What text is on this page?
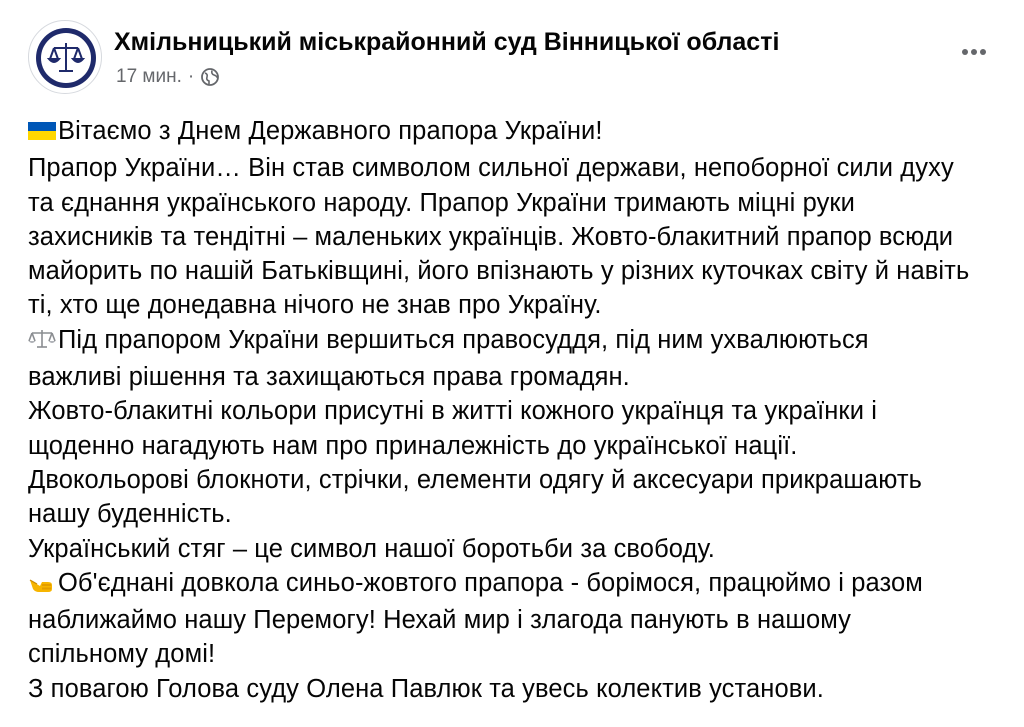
Хмільницький міськрайонний суд Вінницької області
17 мин. ·
Вітаємо з Днем Державного прапора України!
Прапор України… Він став символом сильної держави, непоборної сили духу
та єднання українського народу. Прапор України тримають міцні руки
захисників та тендітні – маленьких українців. Жовто-блакитний прапор всюди
майорить по нашій Батьківщині, його впізнають у різних куточках світу й навіть
ті, хто ще донедавна нічого не знав про Україну.
Під прапором України вершиться правосуддя, під ним ухвалюються
важливі рішення та захищаються права громадян.
Жовто-блакитні кольори присутні в житті кожного українця та українки і
щоденно нагадують нам про приналежність до української нації.
Двокольорові блокноти, стрічки, елементи одягу й аксесуари прикрашають
нашу буденність.
Український стяг – це символ нашої боротьби за свободу.
Об'єднані довкола синьо-жовтого прапора - борімося, працюймо і разом
наближаймо нашу Перемогу! Нехай мир і злагода панують в нашому
спільному домі!
З повагою Голова суду Олена Павлюк та увесь колектив установи.
